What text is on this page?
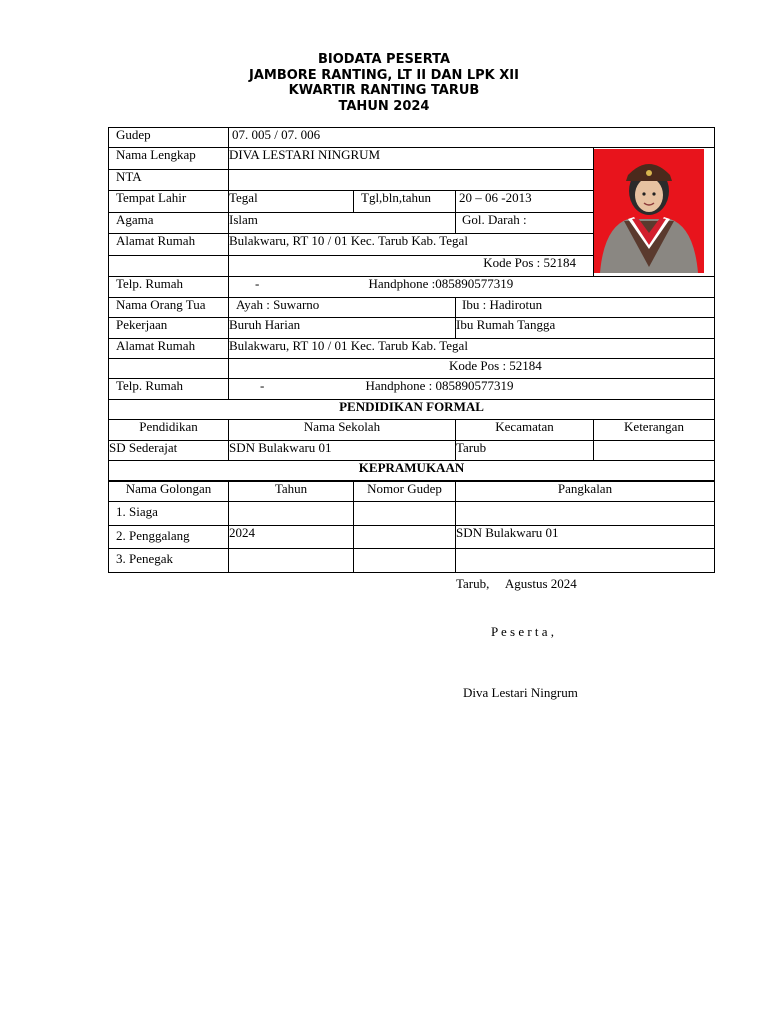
BIODATA PESERTA
JAMBORE RANTING, LT II DAN LPK XII
KWARTIR RANTING TARUB
TAHUN 2024
Gudep	07. 005 / 07. 006			
Nama Lengkap	DIVA LESTARI NINGRUM	
NTA				
Tempat Lahir	Tegal	Tgl,bln,tahun	20 – 06 -2013	
Agama	Islam		Gol. Darah :	
Alamat Rumah	Bulakwaru, RT 10 / 01 Kec. Tarub Kab. Tegal			
	Kode Pos : 52184			
Telp. Rumah	-	Handphone :085890577319		
Nama Orang Tua	Ayah : Suwarno		Ibu : Hadirotun	
Pekerjaan	Buruh Harian		Ibu Rumah Tangga	
Alamat Rumah	Bulakwaru, RT 10 / 01 Kec. Tarub Kab. Tegal			
	Kode Pos : 52184			
Telp. Rumah	-	Handphone : 085890577319		
PENDIDIKAN FORMAL				
Pendidikan	Nama Sekolah		Kecamatan	Keterangan
SD Sederajat	SDN Bulakwaru 01		Tarub	
KEPRAMUKAAN				
Nama Golongan	Tahun	Nomor Gudep	Pangkalan
1. Siaga			
2. Penggalang	2024		SDN Bulakwaru 01
3. Penegak			
Tarub,     Agustus 2024
P e s e r t a ,
Diva Lestari Ningrum
